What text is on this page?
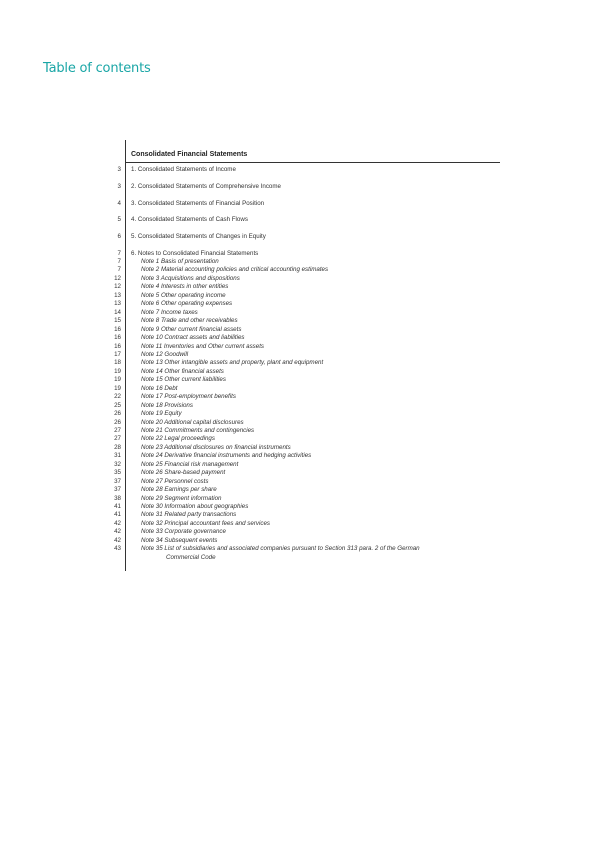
Table of contents
Consolidated Financial Statements
3 1. Consolidated Statements of Income
3 2. Consolidated Statements of Comprehensive Income
4 3. Consolidated Statements of Financial Position
5 4. Consolidated Statements of Cash Flows
6 5. Consolidated Statements of Changes in Equity
7 6. Notes to Consolidated Financial Statements
7	Note 1 Basis of presentation
7	Note 2 Material accounting policies and critical accounting estimates
12	Note 3 Acquisitions and dispositions
12	Note 4 Interests in other entities
13	Note 5 Other operating income
13	Note 6 Other operating expenses
14	Note 7 Income taxes
15	Note 8 Trade and other receivables
16	Note 9 Other current financial assets
16	Note 10 Contract assets and liabilities
16	Note 11 Inventories and Other current assets
17	Note 12 Goodwill
18	Note 13 Other intangible assets and property, plant and equipment
19	Note 14 Other financial assets
19	Note 15 Other current liabilities
19	Note 16 Debt
22	Note 17 Post-employment benefits
25	Note 18 Provisions
26	Note 19 Equity
26	Note 20 Additional capital disclosures
27	Note 21 Commitments and contingencies
27	Note 22 Legal proceedings
28	Note 23 Additional disclosures on financial instruments
31	Note 24 Derivative financial instruments and hedging activities
32	Note 25 Financial risk management
35	Note 26 Share-based payment
37	Note 27 Personnel costs
37	Note 28 Earnings per share
38	Note 29 Segment information
41	Note 30 Information about geographies
41	Note 31 Related party transactions
42	Note 32 Principal accountant fees and services
42	Note 33 Corporate governance
42	Note 34 Subsequent events
43	Note 35 List of subsidiaries and associated companies pursuant to Section 313 para. 2 of the German
Commercial Code
